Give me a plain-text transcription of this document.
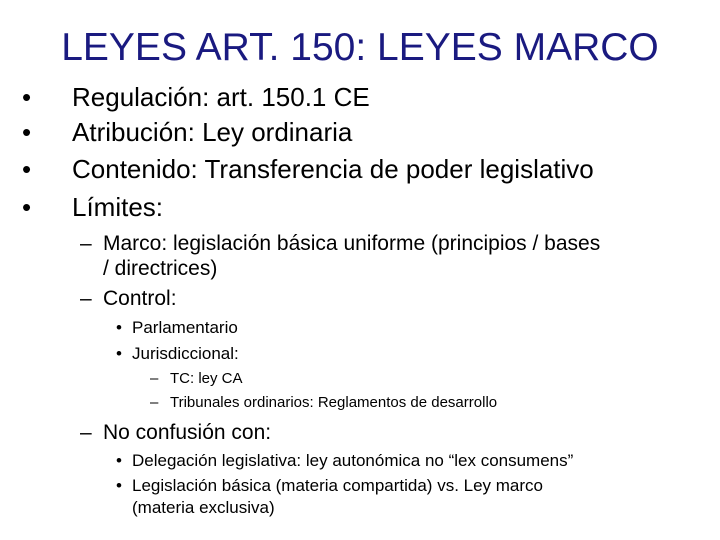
LEYES ART. 150: LEYES MARCO
• Regulación: art. 150.1 CE
• Atribución: Ley ordinaria
• Contenido: Transferencia de poder legislativo
• Límites:
– Marco: legislación básica uniforme (principios / bases
/ directrices)
– Control:
• Parlamentario
• Jurisdiccional:
– TC: ley CA
– Tribunales ordinarios: Reglamentos de desarrollo
– No confusión con:
• Delegación legislativa: ley autonómica no “lex consumens”
• Legislación básica (materia compartida) vs. Ley marco
(materia exclusiva)
